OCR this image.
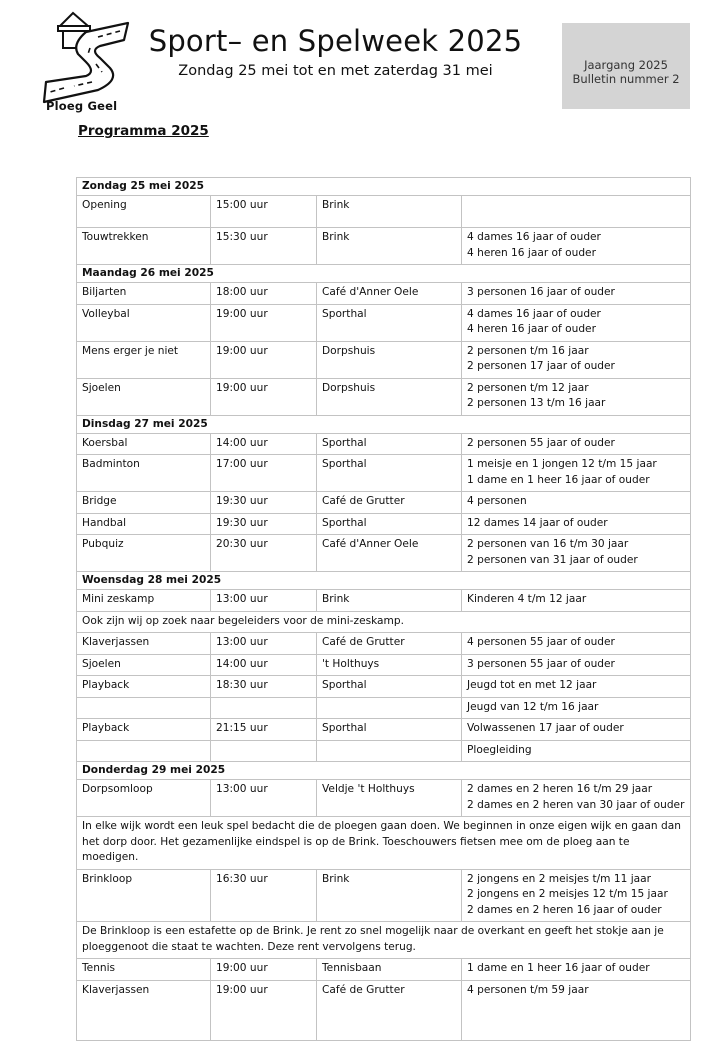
Ploeg Geel
Sport– en Spelweek 2025
Zondag 25 mei tot en met zaterdag 31 mei	Jaargang 2025
Bulletin nummer 2
Programma 2025
Zondag 25 mei 2025			
Opening	15:00 uur	Brink	
Touwtrekken	15:30 uur	Brink	4 dames 16 jaar of ouder
4 heren 16 jaar of ouder

Maandag 26 mei 2025			
Biljarten	18:00 uur	Café d'Anner Oele	3 personen 16 jaar of ouder

Volleybal	19:00 uur	Sporthal	4 dames 16 jaar of ouder
4 heren 16 jaar of ouder

Mens erger je niet	19:00 uur	Dorpshuis	2 personen t/m 16 jaar
2 personen 17 jaar of ouder

Sjoelen	19:00 uur	Dorpshuis	2 personen t/m 12 jaar
2 personen 13 t/m 16 jaar

Dinsdag 27 mei 2025			
Koersbal	14:00 uur	Sporthal	2 personen 55 jaar of ouder

Badminton	17:00 uur	Sporthal	1 meisje en 1 jongen 12 t/m 15 jaar
1 dame en 1 heer 16 jaar of ouder

Bridge	19:30 uur	Café de Grutter	4 personen

Handbal	19:30 uur	Sporthal	12 dames 14 jaar of ouder

Pubquiz	20:30 uur	Café d'Anner Oele	2 personen van 16 t/m 30 jaar
2 personen van 31 jaar of ouder

Woensdag 28 mei 2025			
Mini zeskamp	13:00 uur	Brink	Kinderen 4 t/m 12 jaar

Ook zijn wij op zoek naar begeleiders voor de mini-zeskamp.			
Klaverjassen	13:00 uur	Café de Grutter	4 personen 55 jaar of ouder

Sjoelen	14:00 uur	't Holthuys	3 personen 55 jaar of ouder

Playback	18:30 uur	Sporthal	Jeugd tot en met 12 jaar

			Jeugd van 12 t/m 16 jaar

Playback	21:15 uur	Sporthal	Volwassenen 17 jaar of ouder

			Ploegleiding

Donderdag 29 mei 2025			
Dorpsomloop	13:00 uur	Veldje 't Holthuys	2 dames en 2 heren 16 t/m 29 jaar
2 dames en 2 heren van 30 jaar of ouder

In elke wijk wordt een leuk spel bedacht die de ploegen gaan doen. We beginnen in onze eigen wijk en gaan dan het dorp door. Het gezamenlijke eindspel is op de Brink. Toeschouwers fietsen mee om de ploeg aan te moedigen.			
Brinkloop	16:30 uur	Brink	2 jongens en 2 meisjes t/m 11 jaar
2 jongens en 2 meisjes 12 t/m 15 jaar
2 dames en 2 heren 16 jaar of ouder

De Brinkloop is een estafette op de Brink. Je rent zo snel mogelijk naar de overkant en geeft het stokje aan je ploeggenoot die staat te wachten. Deze rent vervolgens terug.			
Tennis	19:00 uur	Tennisbaan	1 dame en 1 heer 16 jaar of ouder

Klaverjassen	19:00 uur	Café de Grutter	4 personen t/m 59 jaar
